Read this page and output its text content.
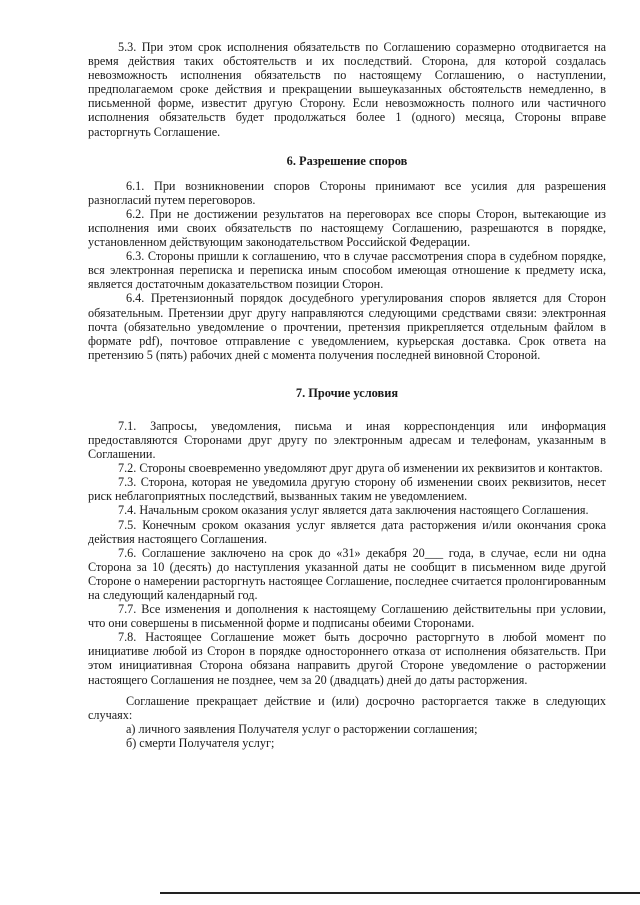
5.3. При этом срок исполнения обязательств по Соглашению соразмерно отодвигается на время действия таких обстоятельств и их последствий. Сторона, для которой создалась невозможность исполнения обязательств по настоящему Соглашению, о наступлении, предполагаемом сроке действия и прекращении вышеуказанных обстоятельств немедленно, в письменной форме, известит другую Сторону. Если невозможность полного или частичного исполнения обязательств будет продолжаться более 1 (одного) месяца, Стороны вправе расторгнуть Соглашение.

6. Разрешение споров

6.1. При возникновении споров Стороны принимают все усилия для разрешения разногласий путем переговоров.

6.2. При не достижении результатов на переговорах все споры Сторон, вытекающие из исполнения ими своих обязательств по настоящему Соглашению, разрешаются в порядке, установленном действующим законодательством Российской Федерации.

6.3. Стороны пришли к соглашению, что в случае рассмотрения спора в судебном порядке, вся электронная переписка и переписка иным способом имеющая отношение к предмету иска, является достаточным доказательством позиции Сторон.

6.4. Претензионный порядок досудебного урегулирования споров является для Сторон обязательным. Претензии друг другу направляются следующими средствами связи: электронная почта (обязательно уведомление о прочтении, претензия прикрепляется отдельным файлом в формате pdf), почтовое отправление с уведомлением, курьерская доставка. Срок ответа на претензию 5 (пять) рабочих дней с момента получения последней виновной Стороной.

7. Прочие условия

7.1. Запросы, уведомления, письма и иная корреспонденция или информация предоставляются Сторонами друг другу по электронным адресам и телефонам, указанным в Соглашении.

7.2. Стороны своевременно уведомляют друг друга об изменении их реквизитов и контактов.

7.3. Сторона, которая не уведомила другую сторону об изменении своих реквизитов, несет риск неблагоприятных последствий, вызванных таким не уведомлением.

7.4. Начальным сроком оказания услуг является дата заключения настоящего Соглашения.

7.5. Конечным сроком оказания услуг является дата расторжения и/или окончания срока действия настоящего Соглашения.

7.6. Соглашение заключено на срок до «31» декабря 20___ года, в случае, если ни одна Сторона за 10 (десять) до наступления указанной даты не сообщит в письменном виде другой Стороне о намерении расторгнуть настоящее Соглашение, последнее считается пролонгированным на следующий календарный год.

7.7. Все изменения и дополнения к настоящему Соглашению действительны при условии, что они совершены в письменной форме и подписаны обеими Сторонами.

7.8. Настоящее Соглашение может быть досрочно расторгнуто в любой момент по инициативе любой из Сторон в порядке одностороннего отказа от исполнения обязательств. При этом инициативная Сторона обязана направить другой Стороне уведомление о расторжении настоящего Соглашения не позднее, чем за 20 (двадцать) дней до даты расторжения.

Соглашение прекращает действие и (или) досрочно расторгается также в следующих случаях:

а) личного заявления Получателя услуг о расторжении соглашения;

б) смерти Получателя услуг;
